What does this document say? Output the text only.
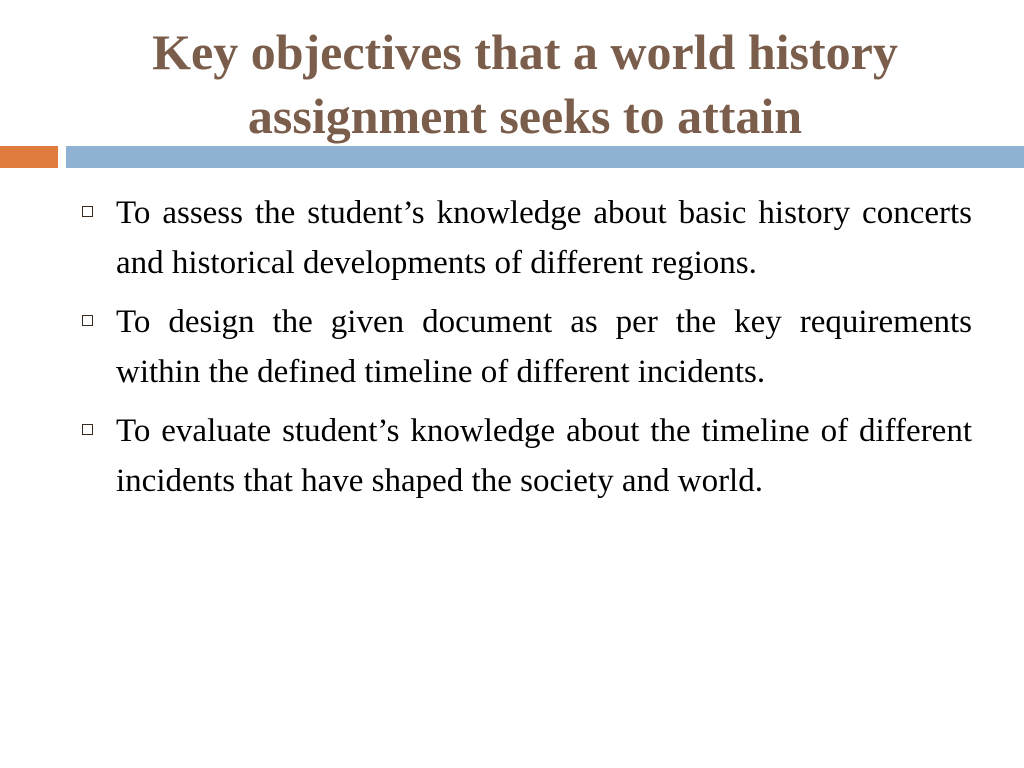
Key objectives that a world history
assignment seeks to attain
To assess the student’s knowledge about basic history concerts and historical developments of different regions.
To design the given document as per the key requirements within the defined timeline of different incidents.
To evaluate student’s knowledge about the timeline of different incidents that have shaped the society and world.
